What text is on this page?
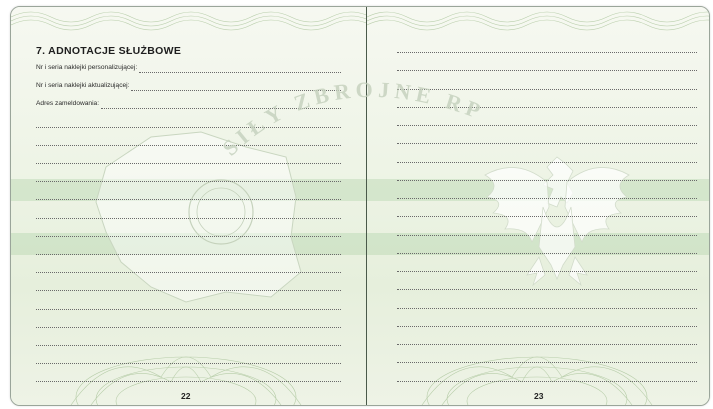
7. ADNOTACJE SŁUŻBOWE
Nr i seria naklejki personalizującej:
Nr i seria naklejki aktualizującej:
Adres zameldowania:
22	23
SIŁY ZBROJNE RP
